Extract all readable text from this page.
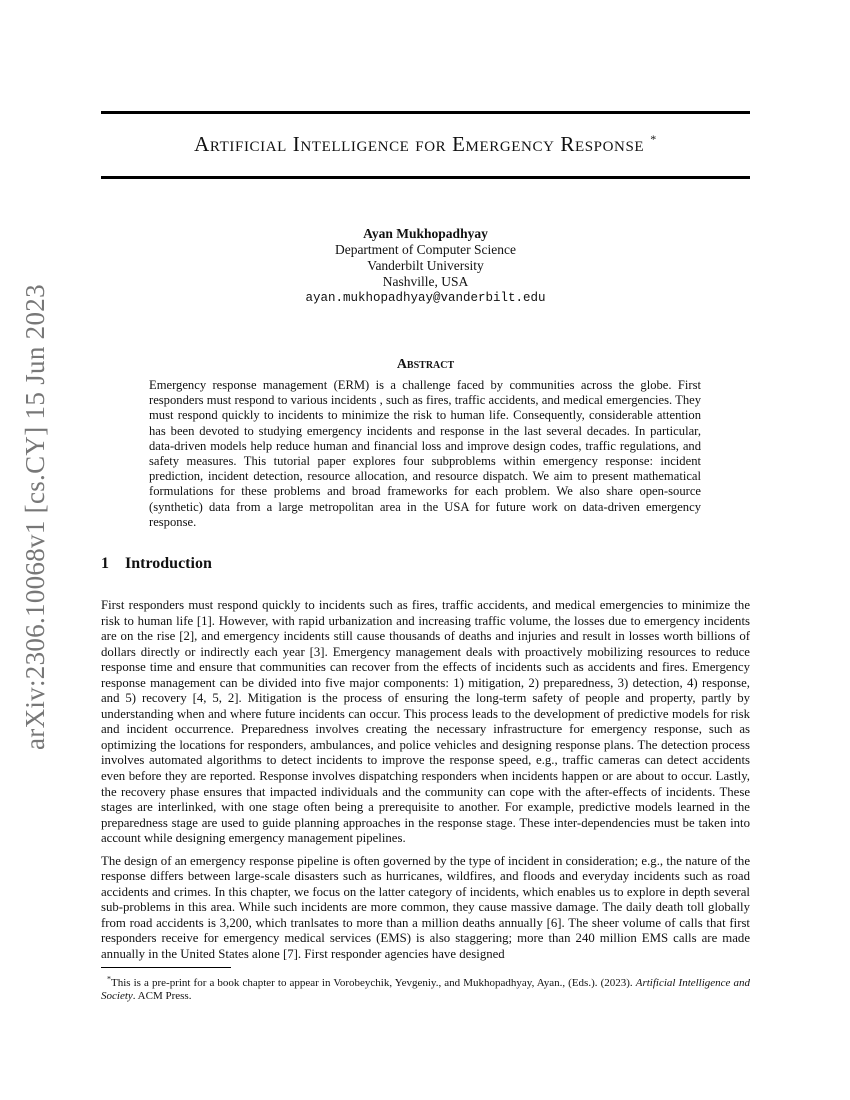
arXiv:2306.10068v1 [cs.CY] 15 Jun 2023
Artificial Intelligence for Emergency Response *
Ayan Mukhopadhyay
Department of Computer Science
Vanderbilt University
Nashville, USA
ayan.mukhopadhyay@vanderbilt.edu
Abstract

Emergency response management (ERM) is a challenge faced by communities across the globe. First responders must respond to various incidents , such as fires, traffic accidents, and medical emergencies. They must respond quickly to incidents to minimize the risk to human life. Consequently, considerable attention has been devoted to studying emergency incidents and response in the last several decades. In particular, data-driven models help reduce human and financial loss and improve design codes, traffic regulations, and safety measures. This tutorial paper explores four subproblems within emergency response: incident prediction, incident detection, resource allocation, and resource dispatch. We aim to present mathematical formulations for these problems and broad frameworks for each problem. We also share open-source (synthetic) data from a large metropolitan area in the USA for future work on data-driven emergency response.

1 Introduction

First responders must respond quickly to incidents such as fires, traffic accidents, and medical emergencies to minimize the risk to human life [1]. However, with rapid urbanization and increasing traffic volume, the losses due to emergency incidents are on the rise [2], and emergency incidents still cause thousands of deaths and injuries and result in losses worth billions of dollars directly or indirectly each year [3]. Emergency management deals with proactively mobilizing resources to reduce response time and ensure that communities can recover from the effects of incidents such as accidents and fires. Emergency response management can be divided into five major components: 1) mitigation, 2) preparedness, 3) detection, 4) response, and 5) recovery [4, 5, 2]. Mitigation is the process of ensuring the long-term safety of people and property, partly by understanding when and where future incidents can occur. This process leads to the development of predictive models for risk and incident occurrence. Preparedness involves creating the necessary infrastructure for emergency response, such as optimizing the locations for responders, ambulances, and police vehicles and designing response plans. The detection process involves automated algorithms to detect incidents to improve the response speed, e.g., traffic cameras can detect accidents even before they are reported. Response involves dispatching responders when incidents happen or are about to occur. Lastly, the recovery phase ensures that impacted individuals and the community can cope with the after-effects of incidents. These stages are interlinked, with one stage often being a prerequisite to another. For example, predictive models learned in the preparedness stage are used to guide planning approaches in the response stage. These inter-dependencies must be taken into account while designing emergency management pipelines.

The design of an emergency response pipeline is often governed by the type of incident in consideration; e.g., the nature of the response differs between large-scale disasters such as hurricanes, wildfires, and floods and everyday incidents such as road accidents and crimes. In this chapter, we focus on the latter category of incidents, which enables us to explore in depth several sub-problems in this area. While such incidents are more common, they cause massive damage. The daily death toll globally from road accidents is 3,200, which tranlsates to more than a million deaths annually [6]. The sheer volume of calls that first responders receive for emergency medical services (EMS) is also staggering; more than 240 million EMS calls are made annually in the United States alone [7]. First responder agencies have designed

*This is a pre-print for a book chapter to appear in Vorobeychik, Yevgeniy., and Mukhopadhyay, Ayan., (Eds.). (2023). Artificial Intelligence and Society. ACM Press.
